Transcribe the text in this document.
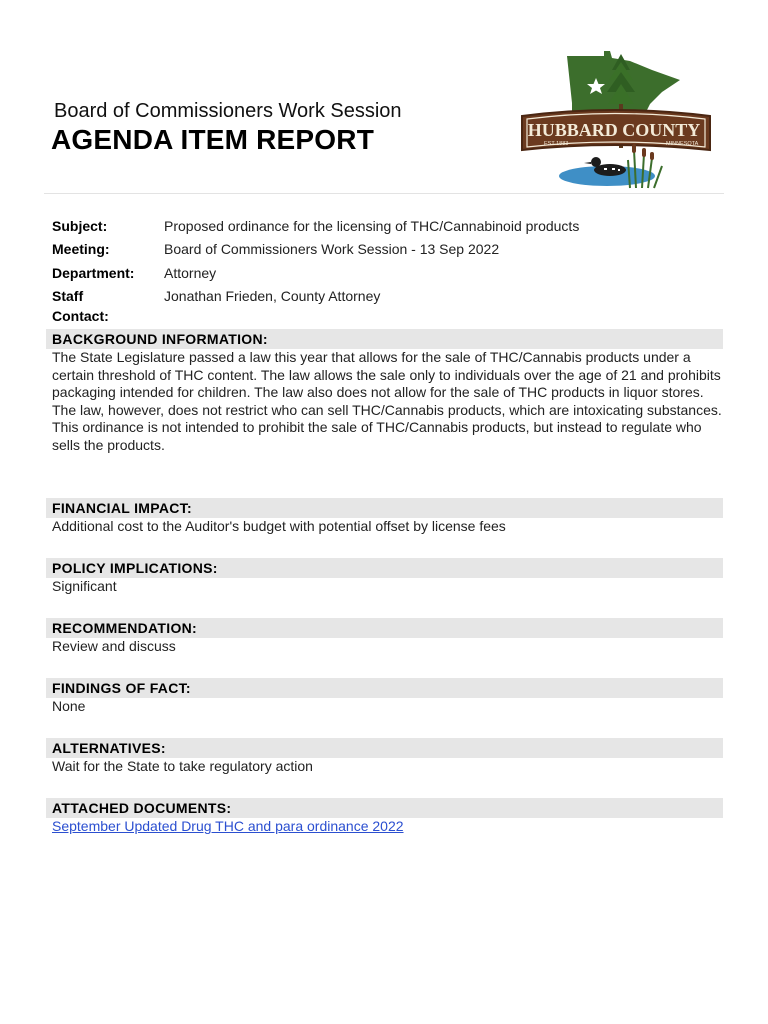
Board of Commissioners Work Session
AGENDA ITEM REPORT	HUBBARD COUNTY
EST 1883	MINNESOTA
Subject:	Proposed ordinance for the licensing of THC/Cannabinoid products
Meeting:	Board of Commissioners Work Session - 13 Sep 2022
Department: Attorney
Staff Contact:
Jonathan Frieden, County Attorney
BACKGROUND INFORMATION:

The State Legislature passed a law this year that allows for the sale of THC/Cannabis products under a certain threshold of THC content. The law allows the sale only to individuals over the age of 21 and prohibits packaging intended for children. The law also does not allow for the sale of THC products in liquor stores.

The law, however, does not restrict who can sell THC/Cannabis products, which are intoxicating substances. This ordinance is not intended to prohibit the sale of THC/Cannabis products, but instead to regulate who sells the products.

FINANCIAL IMPACT:
Additional cost to the Auditor's budget with potential offset by license fees
POLICY IMPLICATIONS:
Significant
RECOMMENDATION:
Review and discuss
FINDINGS OF FACT:
None
ALTERNATIVES:
Wait for the State to take regulatory action
ATTACHED DOCUMENTS:
September Updated Drug THC and para ordinance 2022
